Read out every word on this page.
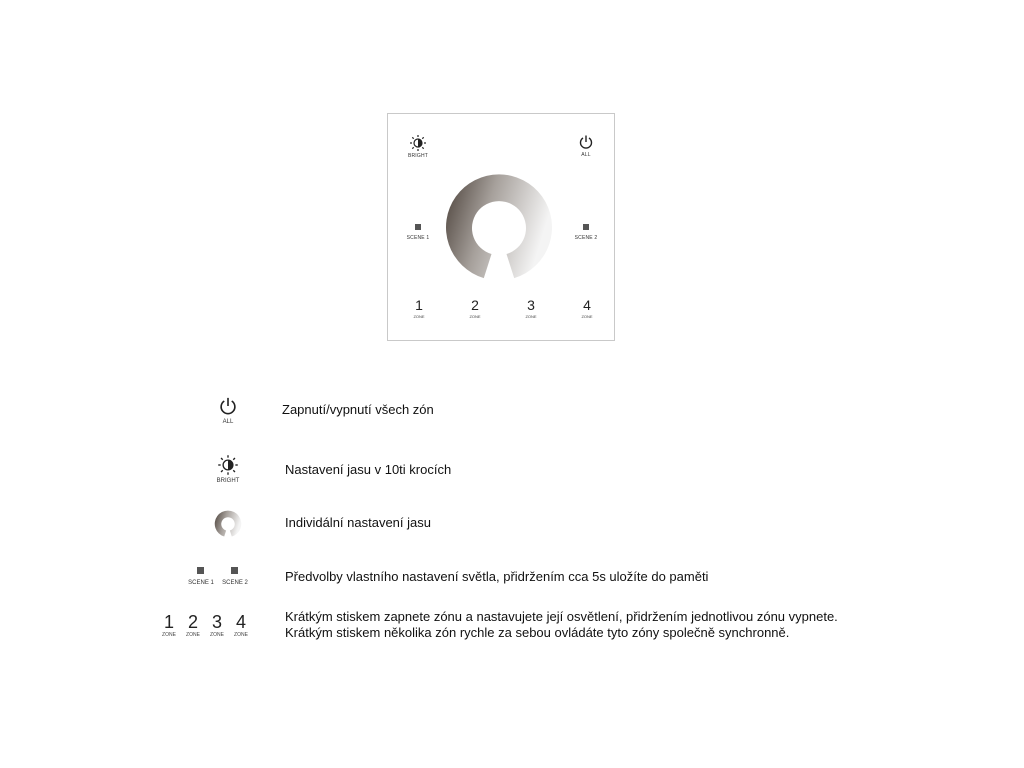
BRIGHT	ALL
SCENE 1	SCENE 2
1
ZONE
2
ZONE
3
ZONE
4
ZONE
ALL
Zapnutí/vypnutí všech zón
BRIGHT
Nastavení jasu v 10ti krocích
Individální nastavení jasu
SCENE 1	SCENE 2	Předvolby vlastního nastavení světla, přidržením cca 5s uložíte do paměti
1
ZONE
2
ZONE
3
ZONE
4
ZONE
Krátkým stiskem zapnete zónu a nastavujete její osvětlení, přidržením jednotlivou zónu vypnete.
Krátkým stiskem několika zón rychle za sebou ovládáte tyto zóny společně synchronně.
